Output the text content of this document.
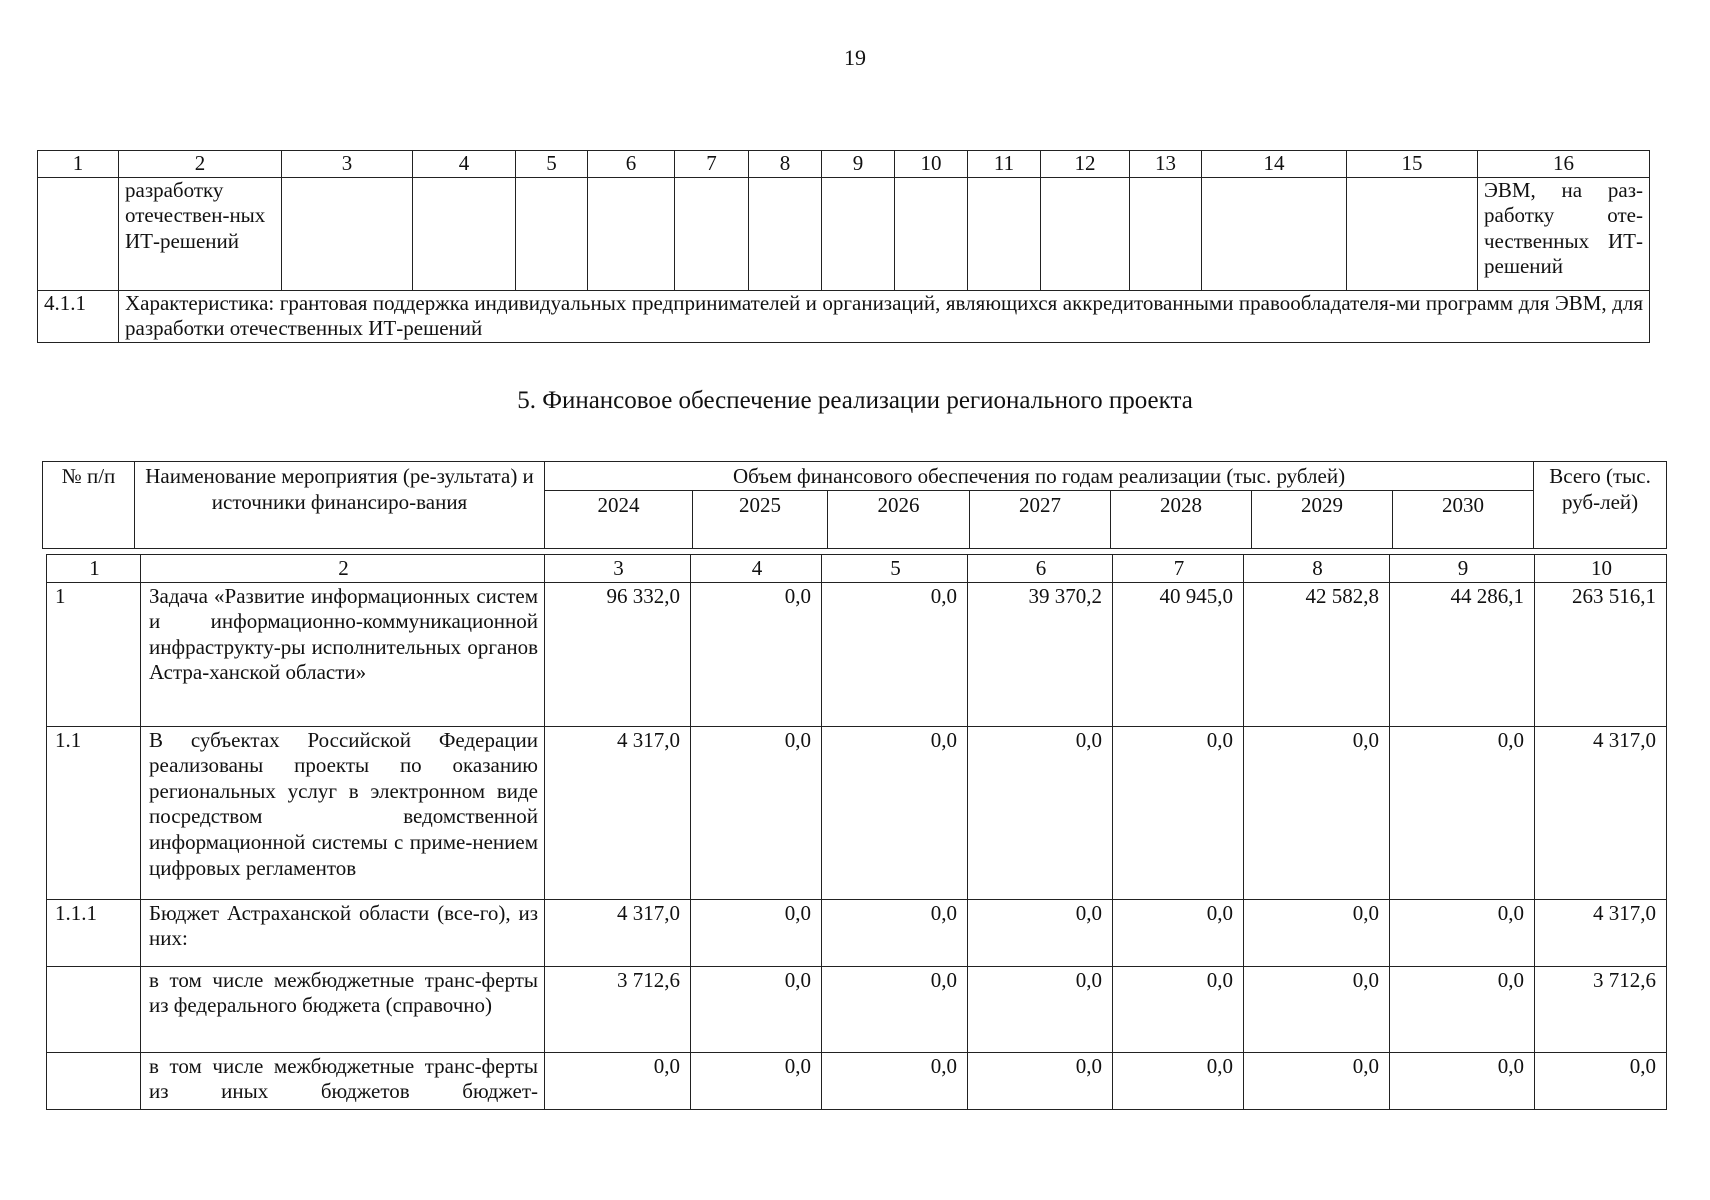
19
1	2	3	4	5	6	7	8	9	10	11	12	13	14	15	16
	разработку отечествен-ных ИТ-решений														ЭВМ, на раз-работку оте-чественных ИТ-решений
4.1.1	Характеристика: грантовая поддержка индивидуальных предпринимателей и организаций, являющихся аккредитованными правообладателя-ми программ для ЭВМ, для разработки отечественных ИТ-решений														
5. Финансовое обеспечение реализации регионального проекта
№ п/п	Наименование мероприятия (ре-зультата) и источники финансиро-вания	Объем финансового обеспечения по годам реализации (тыс. рублей)							Всего (тыс. руб-лей)
		2024	2025	2026	2027	2028	2029	2030	
1	2	3	4	5	6	7	8	9	10
1	Задача «Развитие информационных систем и информационно-коммуникационной инфраструкту-ры исполнительных органов Астра-ханской области»	96 332,0	0,0	0,0	39 370,2	40 945,0	42 582,8	44 286,1	263 516,1
1.1	В субъектах Российской Федерации реализованы проекты по оказанию региональных услуг в электронном виде посредством ведомственной информационной системы с приме-нением цифровых регламентов	4 317,0	0,0	0,0	0,0	0,0	0,0	0,0	4 317,0
1.1.1	Бюджет Астраханской области (все-го), из них:	4 317,0	0,0	0,0	0,0	0,0	0,0	0,0	4 317,0
	в том числе межбюджетные транс-ферты из федерального бюджета (справочно)	3 712,6	0,0	0,0	0,0	0,0	0,0	0,0	3 712,6
	в том числе межбюджетные транс-ферты из иных бюджетов бюджет-	0,0	0,0	0,0	0,0	0,0	0,0	0,0	0,0
